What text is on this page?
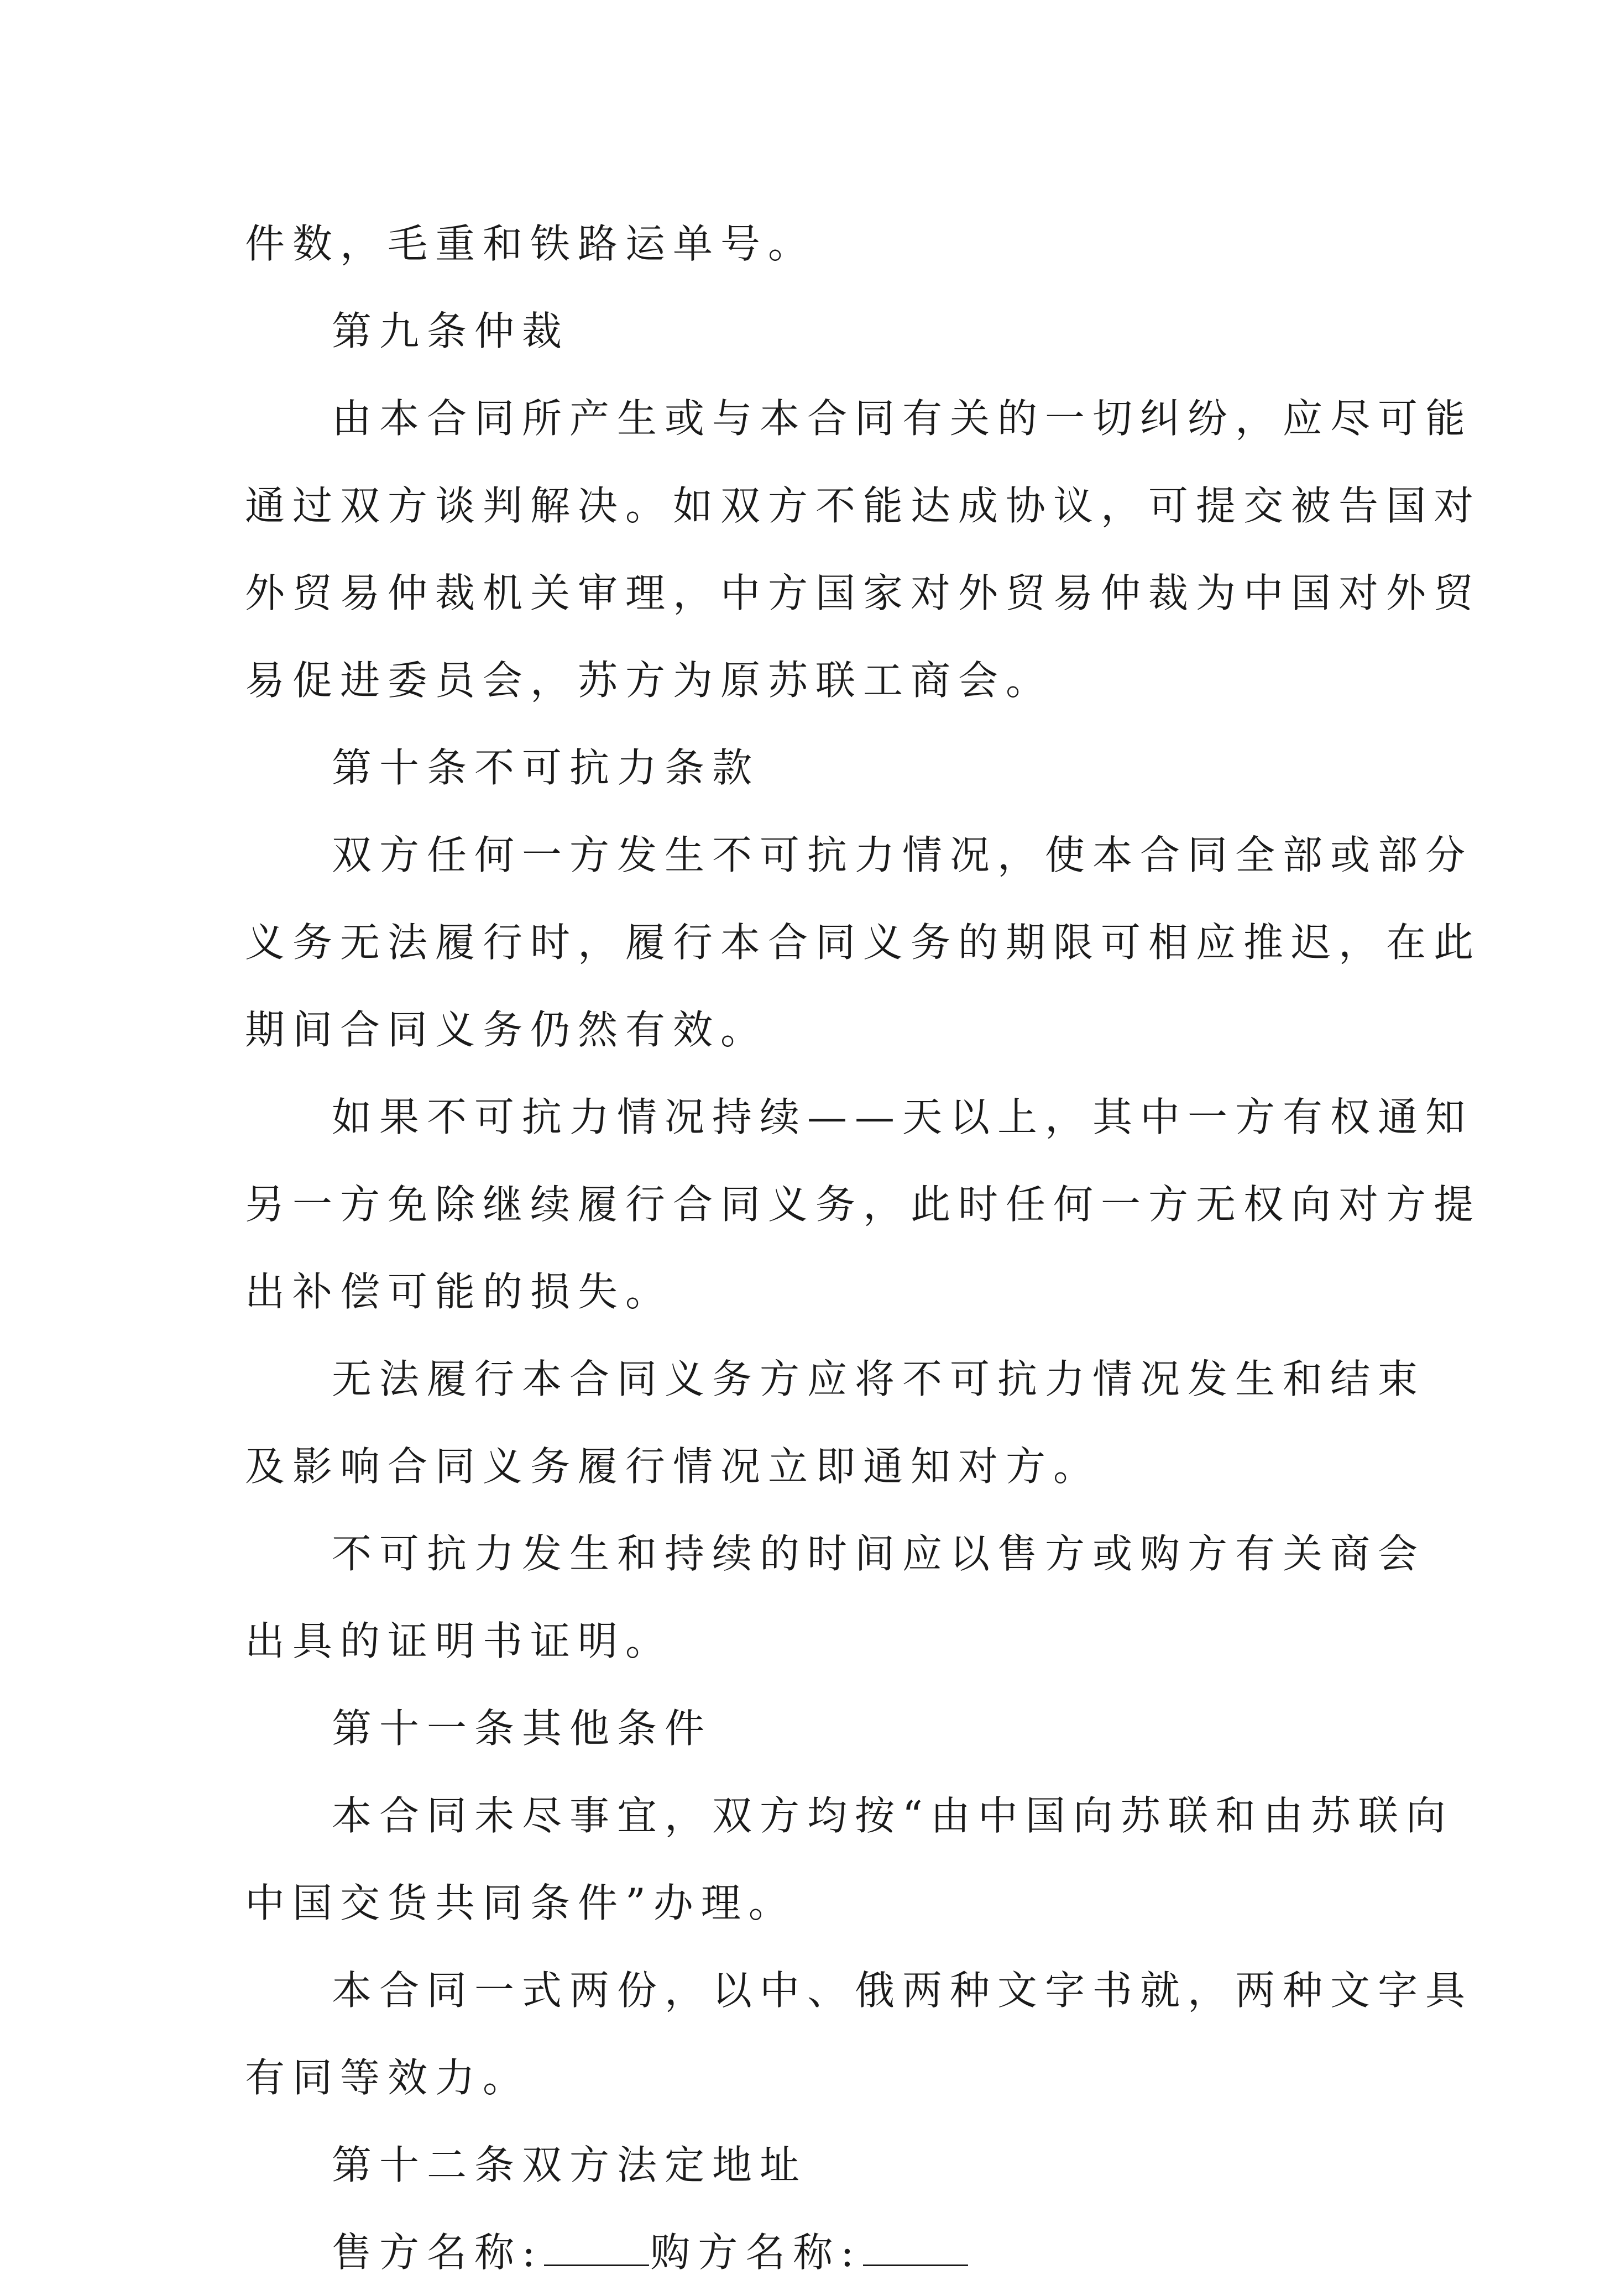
件数，毛重和铁路运单号。
第九条仲裁
由本合同所产生或与本合同有关的一切纠纷，应尽可能
通过双方谈判解决。如双方不能达成协议，可提交被告国对
外贸易仲裁机关审理，中方国家对外贸易仲裁为中国对外贸
易促进委员会，苏方为原苏联工商会。
第十条不可抗力条款
双方任何一方发生不可抗力情况，使本合同全部或部分
义务无法履行时，履行本合同义务的期限可相应推迟，在此
期间合同义务仍然有效。
如果不可抗力情况持续——天以上，其中一方有权通知
另一方免除继续履行合同义务，此时任何一方无权向对方提
出补偿可能的损失。
无法履行本合同义务方应将不可抗力情况发生和结束
及影响合同义务履行情况立即通知对方。
不可抗力发生和持续的时间应以售方或购方有关商会
出具的证明书证明。
第十一条其他条件
本合同未尽事宜，双方均按“由中国向苏联和由苏联向
中国交货共同条件”办理。
本合同一式两份，以中、俄两种文字书就，两种文字具
有同等效力。
第十二条双方法定地址
售方名称:	购方名称:
